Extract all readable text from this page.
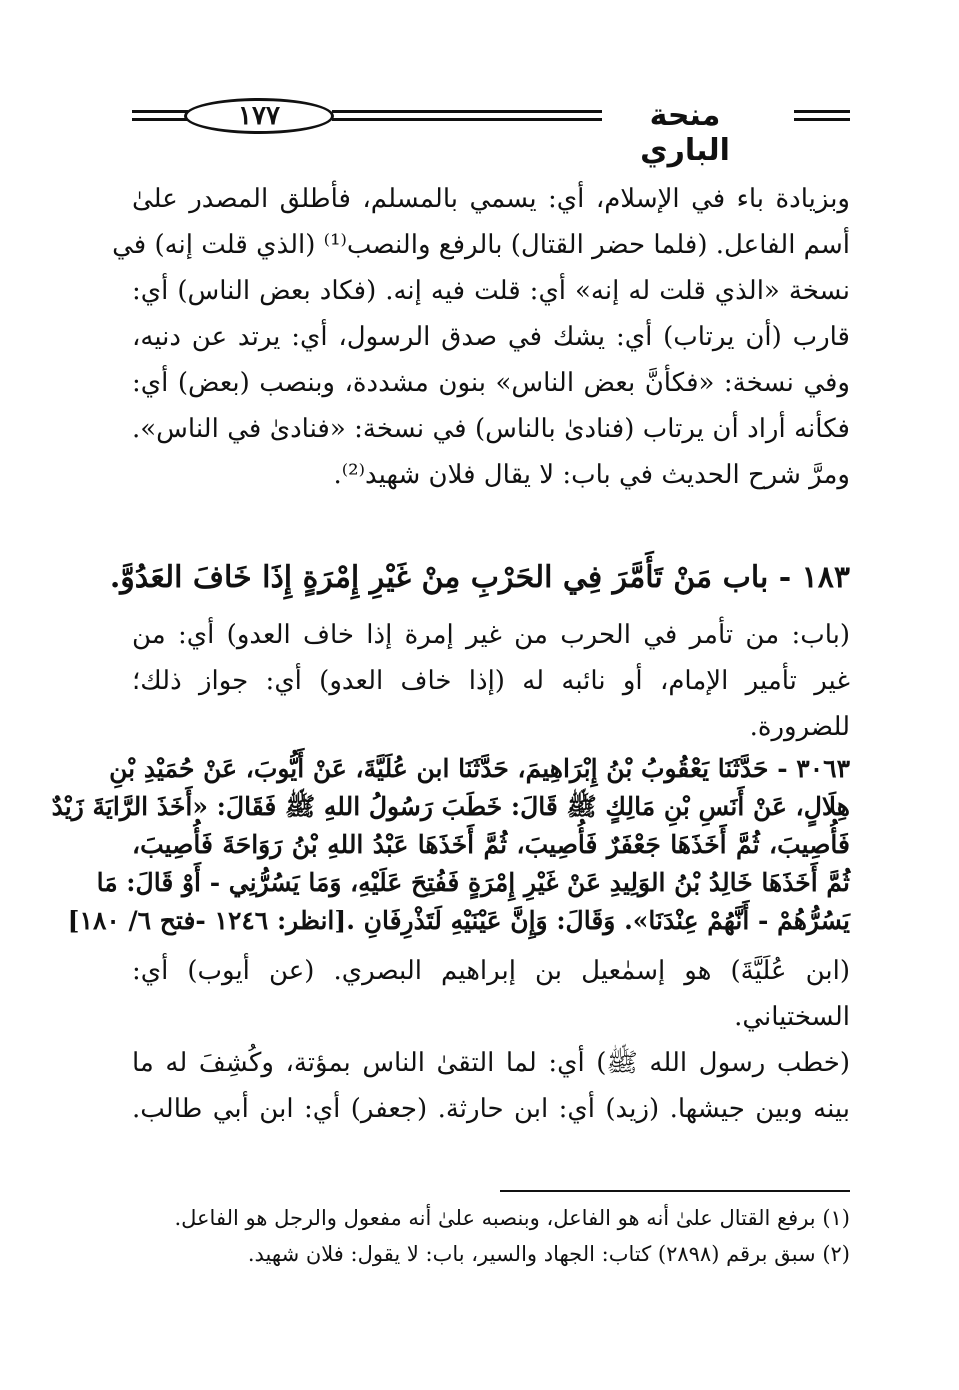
١٧٧	منحة الباري
وبزيادة باء في الإسلام، أي: يسمي بالمسلم، فأطلق المصدر علىٰ
أسم الفاعل. (فلما حضر القتال) بالرفع والنصب⁽¹⁾ (الذي قلت إنه) في
نسخة «الذي قلت له إنه» أي: قلت فيه إنه. (فكاد بعض الناس) أي:
قارب (أن يرتاب) أي: يشك في صدق الرسول، أي: يرتد عن دنيه،
وفي نسخة: «فكأنَّ بعض الناس» بنون مشددة، وبنصب (بعض) أي:
فكأنه أراد أن يرتاب (فنادىٰ بالناس) في نسخة: «فنادىٰ في الناس».
ومرَّ شرح الحديث في باب: لا يقال فلان شهيد⁽²⁾.
١٨٣ - باب مَنْ تَأَمَّرَ فِي الحَرْبِ مِنْ غَيْرِ إِمْرَةٍ إِذَا خَافَ العَدُوَّ.
(باب: من تأمر في الحرب من غير إمرة إذا خاف العدو) أي: من
غير تأمير الإمام، أو نائبه له (إذا خاف العدو) أي: جواز ذلك؛
للضرورة.
٣٠٦٣ - حَدَّثَنَا يَعْقُوبُ بْنُ إِبْرَاهِيمَ، حَدَّثَنَا ابن عُلَيَّةَ، عَنْ أَيُّوبَ، عَنْ حُمَيْدِ بْنِ
هِلَالٍ، عَنْ أَنَسِ بْنِ مَالِكٍ ﷺ قَالَ: خَطَبَ رَسُولُ اللهِ ﷺ فَقَالَ: «أَخَذَ الرَّايَةَ زَيْدٌ
فَأُصِيبَ، ثُمَّ أَخَذَهَا جَعْفَرٌ فَأُصِيبَ، ثُمَّ أَخَذَهَا عَبْدُ اللهِ بْنُ رَوَاحَةَ فَأُصِيبَ،
ثُمَّ أَخَذَهَا خَالِدُ بْنُ الوَلِيدِ عَنْ غَيْرِ إِمْرَةٍ فَفُتِحَ عَلَيْهِ، وَمَا يَسُرُّنِي - أَوْ قَالَ: مَا
يَسُرُّهُمْ - أَنَّهُمْ عِنْدَنَا». وَقَالَ: وَإِنَّ عَيْنَيْهِ لَتَذْرِفَانِ .[انظر: ١٢٤٦ -فتح ٦/ ١٨٠]
(ابن عُلَيَّةَ) هو إسمٰعيل بن إبراهيم البصري. (عن أيوب) أي:
السختياني.
(خطب رسول الله ﷺ) أي: لما التقىٰ الناس بمؤتة، وكُشِفَ له ما
بينه وبين جيشها. (زيد) أي: ابن حارثة. (جعفر) أي: ابن أبي طالب.
(١) برفع القتال علىٰ أنه هو الفاعل، وبنصبه علىٰ أنه مفعول والرجل هو الفاعل.
(٢) سبق برقم (٢٨٩٨) كتاب: الجهاد والسير، باب: لا يقول: فلان شهيد.
